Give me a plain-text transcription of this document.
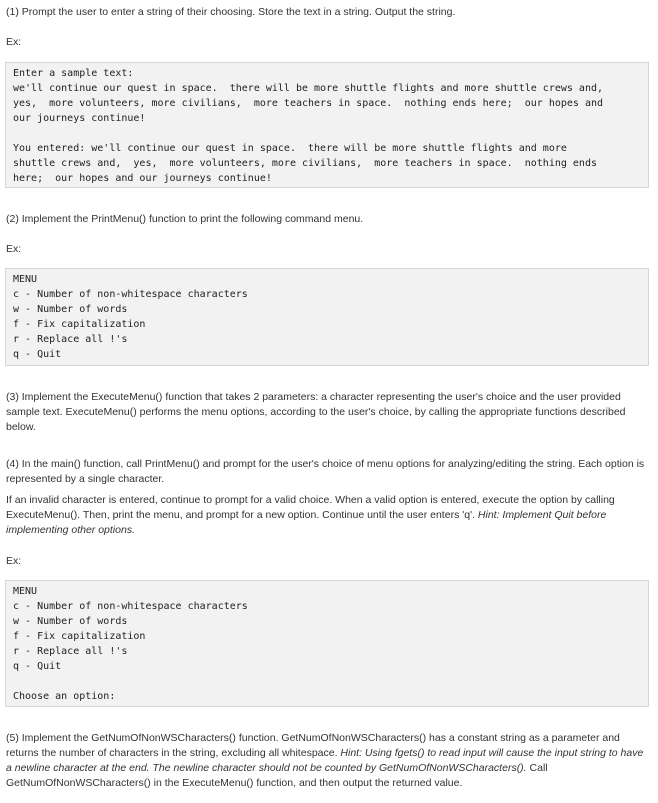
(1) Prompt the user to enter a string of their choosing. Store the text in a string. Output the string.

Ex:

Enter a sample text:
we'll continue our quest in space.  there will be more shuttle flights and more shuttle crews and,
yes,  more volunteers, more civilians,  more teachers in space.  nothing ends here;  our hopes and
our journeys continue!
You entered: we'll continue our quest in space.  there will be more shuttle flights and more
shuttle crews and,  yes,  more volunteers, more civilians,  more teachers in space.  nothing ends
here;  our hopes and our journeys continue!

(2) Implement the PrintMenu() function to print the following command menu.

Ex:

MENU
c - Number of non-whitespace characters
w - Number of words
f - Fix capitalization
r - Replace all !'s
q - Quit

(3) Implement the ExecuteMenu() function that takes 2 parameters: a character representing the user's choice and the user provided sample text. ExecuteMenu() performs the menu options, according to the user's choice, by calling the appropriate functions described below.

(4) In the main() function, call PrintMenu() and prompt for the user's choice of menu options for analyzing/editing the string. Each option is represented by a single character.

If an invalid character is entered, continue to prompt for a valid choice. When a valid option is entered, execute the option by calling ExecuteMenu(). Then, print the menu, and prompt for a new option. Continue until the user enters 'q'. Hint: Implement Quit before implementing other options.

Ex:

MENU
c - Number of non-whitespace characters
w - Number of words
f - Fix capitalization
r - Replace all !'s
q - Quit
Choose an option:

(5) Implement the GetNumOfNonWSCharacters() function. GetNumOfNonWSCharacters() has a constant string as a parameter and returns the number of characters in the string, excluding all whitespace. Hint: Using fgets() to read input will cause the input string to have a newline character at the end. The newline character should not be counted by GetNumOfNonWSCharacters(). Call GetNumOfNonWSCharacters() in the ExecuteMenu() function, and then output the returned value.
